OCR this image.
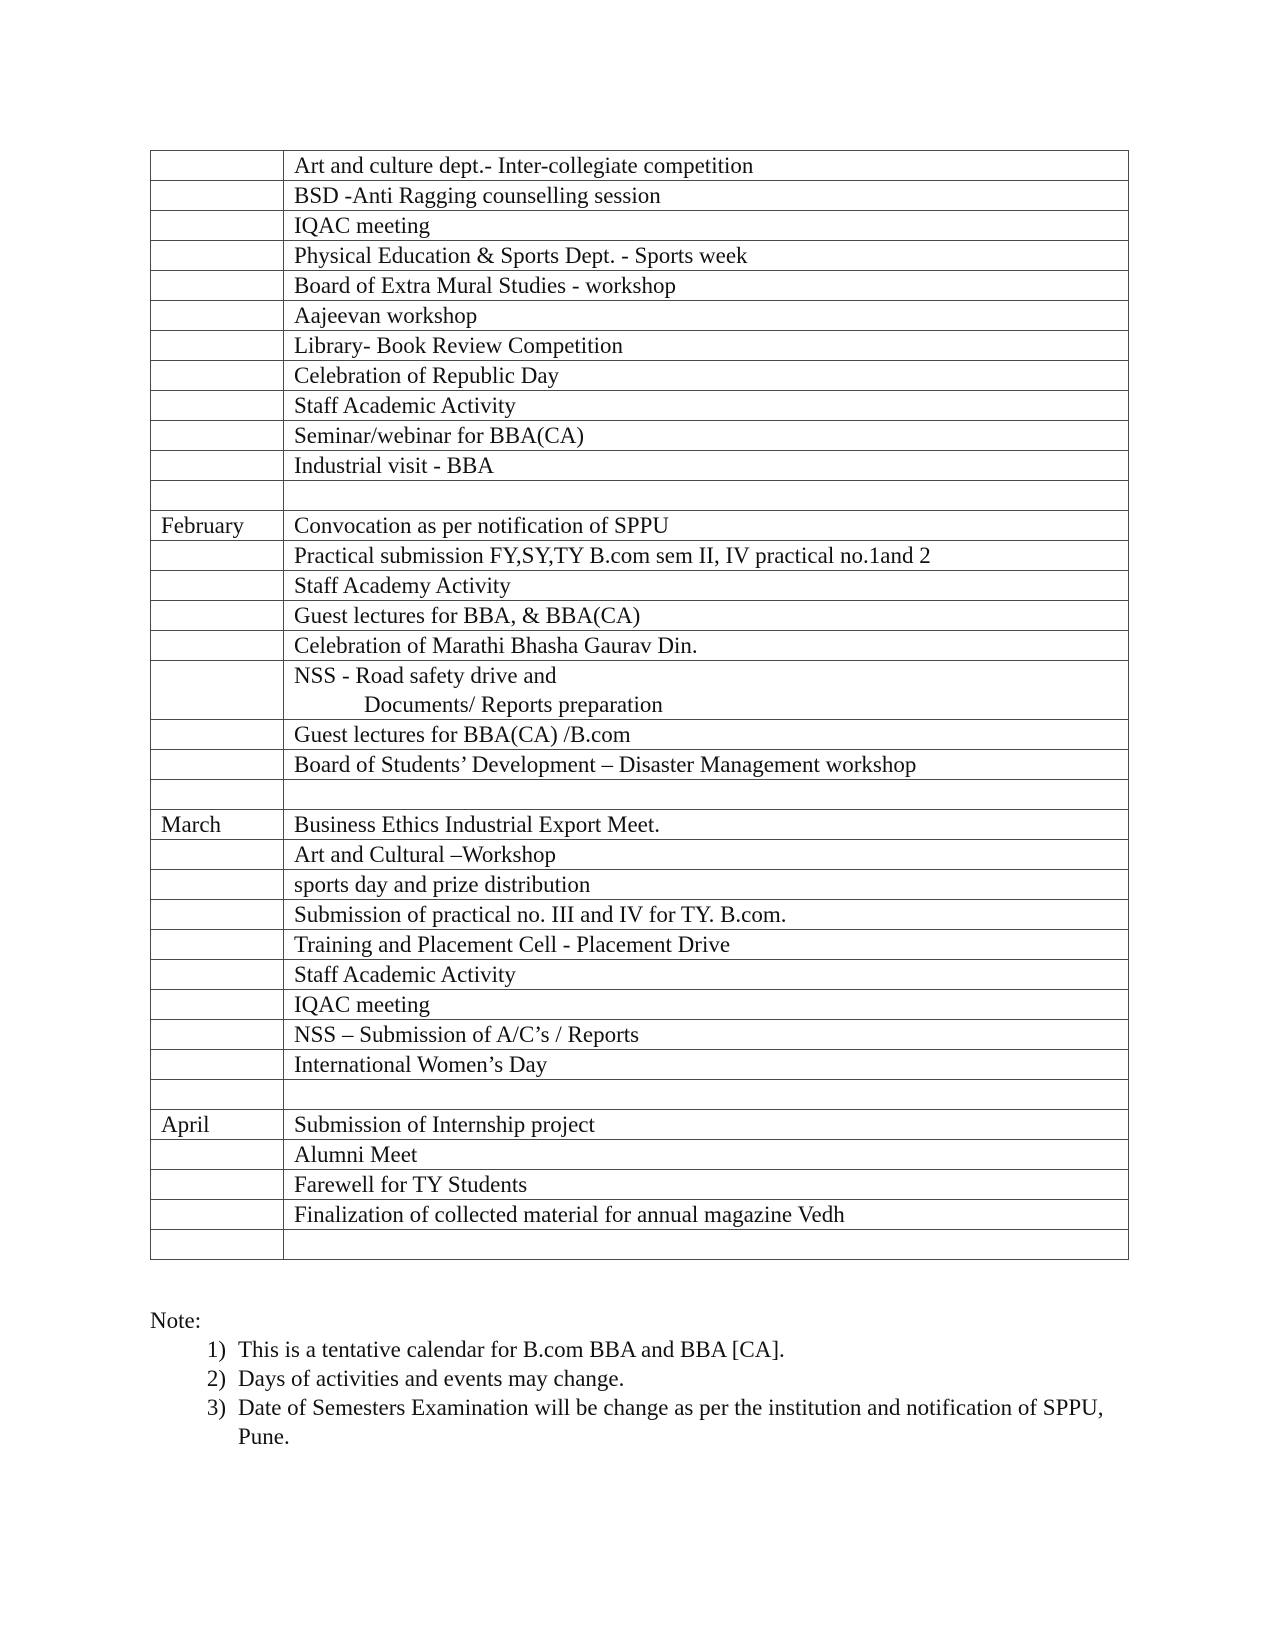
	Art and culture dept.- Inter-collegiate competition
	BSD -Anti Ragging counselling session
	IQAC meeting
	Physical Education & Sports Dept. - Sports week
	Board of Extra Mural Studies - workshop
	Aajeevan workshop
	Library- Book Review Competition
	Celebration of Republic Day
	Staff Academic Activity
	Seminar/webinar for BBA(CA)
	Industrial visit - BBA

February	Convocation as per notification of SPPU
	Practical submission FY,SY,TY B.com sem II, IV practical no.1and 2
	Staff Academy Activity
	Guest lectures for BBA, & BBA(CA)
	Celebration of Marathi Bhasha Gaurav Din.
	NSS - Road safety drive and
Documents/ Reports preparation

	Guest lectures for BBA(CA) /B.com
	Board of Students’ Development – Disaster Management workshop

March	Business Ethics Industrial Export Meet.
	Art and Cultural –Workshop
	sports day and prize distribution
	Submission of practical no. III and IV for TY. B.com.
	Training and Placement Cell - Placement Drive
	Staff Academic Activity
	IQAC meeting
	NSS – Submission of A/C’s / Reports
	International Women’s Day

April	Submission of Internship project
	Alumni Meet
	Farewell for TY Students
	Finalization of collected material for annual magazine Vedh

Note:
1) This is a tentative calendar for B.com BBA and BBA [CA].
2) Days of activities and events may change.
3) Date of Semesters Examination will be change as per the institution and notification of SPPU, Pune.
